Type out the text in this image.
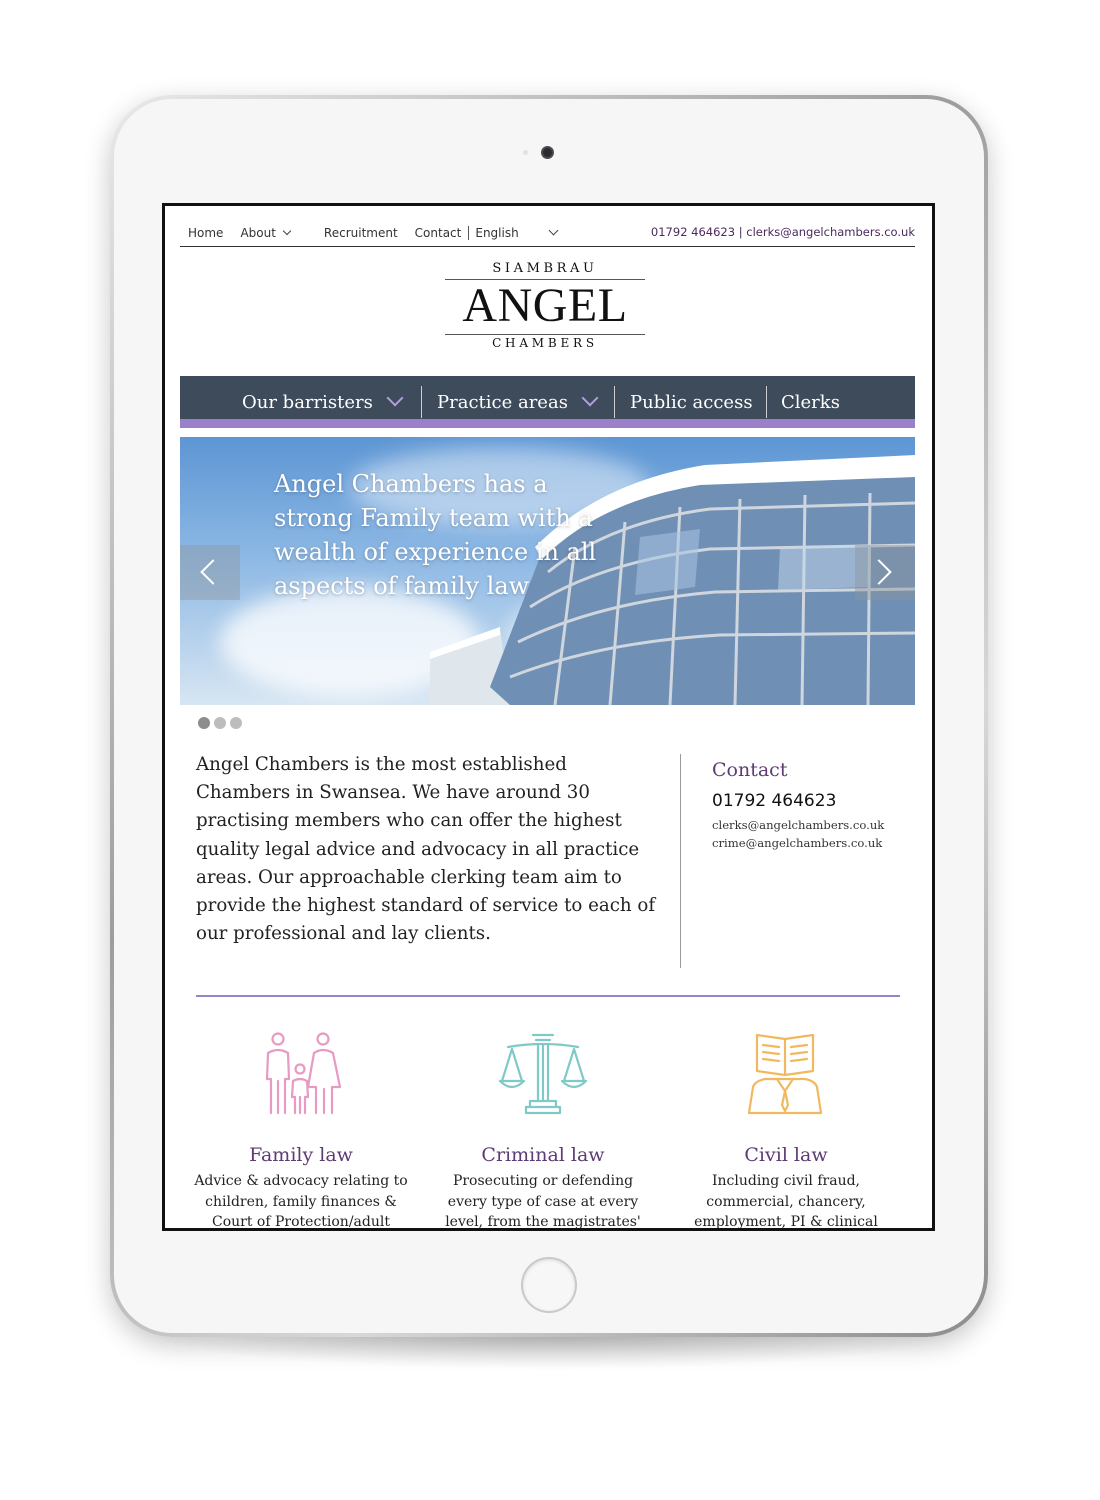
Home About	Recruitment Contact English	01792 464623 | clerks@angelchambers.co.uk
SIAMBRAU
ANGEL
CHAMBERS
Our barristers	Practice areas	Public access Clerks
Angel Chambers has a strong Family team with a wealth of experience in all aspects of family law
Angel Chambers is the most established Chambers in Swansea. We have around 30 practising members who can offer the highest quality legal advice and advocacy in all practice areas. Our approachable clerking team aim to provide the highest standard of service to each of our professional and lay clients.
Contact
01792 464623
clerks@angelchambers.co.uk
crime@angelchambers.co.uk
Family law
Advice & advocacy relating to children, family finances & Court of Protection/adult
Criminal law
Prosecuting or defending every type of case at every level, from the magistrates'
Civil law
Including civil fraud, commercial, chancery, employment, PI & clinical
